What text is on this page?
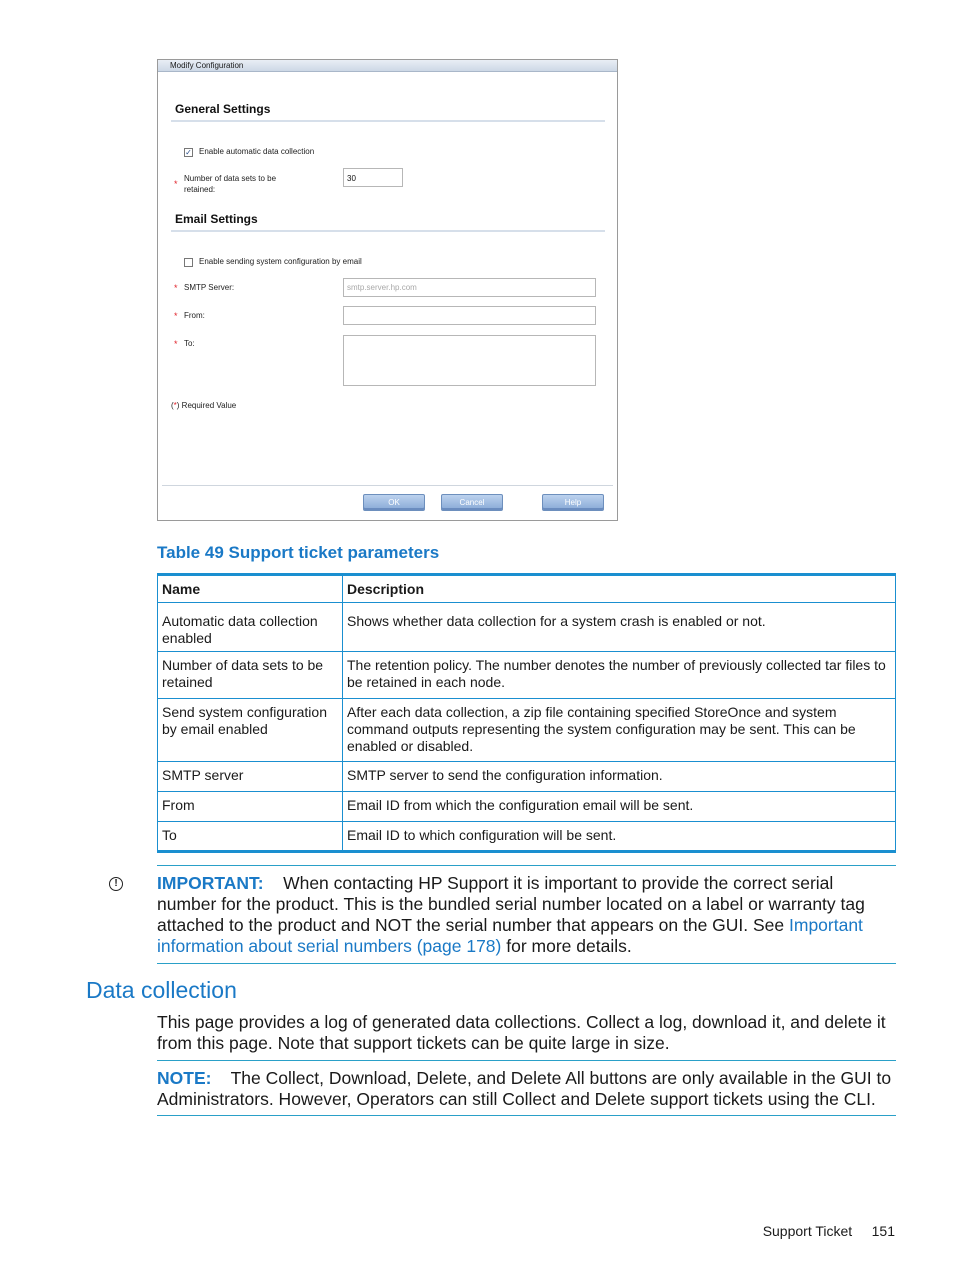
Modify Configuration
General Settings
✓ Enable automatic data collection
*
Number of data sets to be retained:
30
Email Settings
Enable sending system configuration by email
* SMTP Server:	smtp.server.hp.com
* From:
* To:
(*) Required Value
OK	Cancel	Help
Table 49 Support ticket parameters
Name	Description
Automatic data collection enabled	Shows whether data collection for a system crash is enabled or not.
Number of data sets to be retained	The retention policy. The number denotes the number of previously collected tar files to be retained in each node.
Send system configuration by email enabled	After each data collection, a zip file containing specified StoreOnce and system command outputs representing the system configuration may be sent. This can be enabled or disabled.
SMTP server	SMTP server to send the configuration information.
From	Email ID from which the configuration email will be sent.
To	Email ID to which configuration will be sent.
!	IMPORTANT: When contacting HP Support it is important to provide the correct serial number for the product. This is the bundled serial number located on a label or warranty tag attached to the product and NOT the serial number that appears on the GUI. See Important information about serial numbers (page 178) for more details.
Data collection
This page provides a log of generated data collections. Collect a log, download it, and delete it from this page. Note that support tickets can be quite large in size.
NOTE: The Collect, Download, Delete, and Delete All buttons are only available in the GUI to Administrators. However, Operators can still Collect and Delete support tickets using the CLI.
Support Ticket 151
